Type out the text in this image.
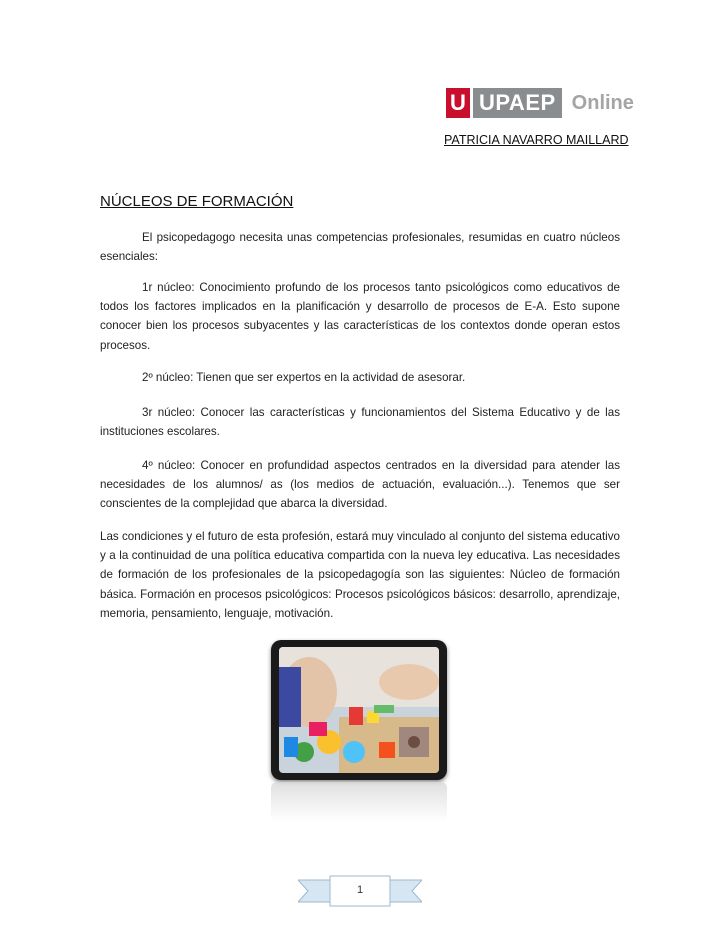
U UPAEP Online
PATRICIA NAVARRO MAILLARD
NÚCLEOS DE FORMACIÓN

El psicopedagogo necesita unas competencias profesionales, resumidas en cuatro núcleos esenciales:

1r núcleo: Conocimiento profundo de los procesos tanto psicológicos como educativos de todos los factores implicados en la planificación y desarrollo de procesos de E-A. Esto supone conocer bien los procesos subyacentes y las características de los contextos donde operan estos procesos.

2º núcleo: Tienen que ser expertos en la actividad de asesorar.

3r núcleo: Conocer las características y funcionamientos del Sistema Educativo y de las instituciones escolares.

4º núcleo: Conocer en profundidad aspectos centrados en la diversidad para atender las necesidades de los alumnos/ as (los medios de actuación, evaluación...). Tenemos que ser conscientes de la complejidad que abarca la diversidad.

Las condiciones y el futuro de esta profesión, estará muy vinculado al conjunto del sistema educativo y a la continuidad de una política educativa compartida con la nueva ley educativa. Las necesidades de formación de los profesionales de la psicopedagogía son las siguientes: Núcleo de formación básica. Formación en procesos psicológicos: Procesos psicológicos básicos: desarrollo, aprendizaje, memoria, pensamiento, lenguaje, motivación.

1
